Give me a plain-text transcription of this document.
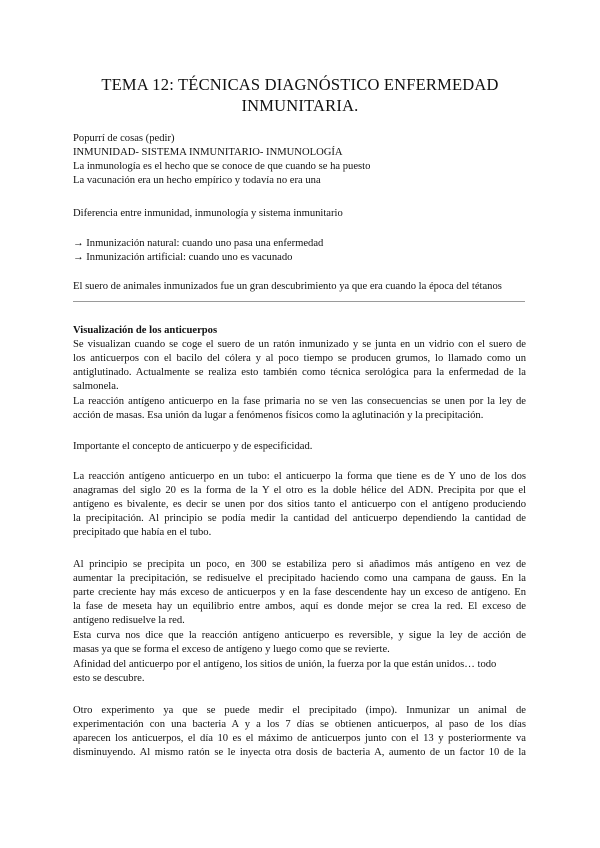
TEMA 12: TÉCNICAS DIAGNÓSTICO ENFERMEDAD
INMUNITARIA.
Popurrí de cosas (pedir)
INMUNIDAD- SISTEMA INMUNITARIO- INMUNOLOGÍA
La inmunología es el hecho que se conoce de que cuando se ha puesto
La vacunación era un hecho empírico y todavía no era una
Diferencia entre inmunidad, inmunología y sistema inmunitario
→ Inmunización natural: cuando uno pasa una enfermedad
→ Inmunización artificial: cuando uno es vacunado
El suero de animales inmunizados fue un gran descubrimiento ya que era cuando la época del tétanos
Visualización de los anticuerpos
Se visualizan cuando se coge el suero de un ratón inmunizado y se junta en un vidrio con el suero de
los anticuerpos con el bacilo del cólera y al poco tiempo se producen grumos, lo llamado como un
antiglutinado. Actualmente se realiza esto también como técnica serológica para la enfermedad de la
salmonela.
La reacción antígeno anticuerpo en la fase primaria no se ven las consecuencias se unen por la ley de
acción de masas. Esa unión da lugar a fenómenos físicos como la aglutinación y la precipitación.
Importante el concepto de anticuerpo y de especificidad.
La reacción antígeno anticuerpo en un tubo: el anticuerpo la forma que tiene es de Y uno de los dos
anagramas del siglo 20 es la forma de la Y el otro es la doble hélice del ADN. Precipita por que el
antígeno es bivalente, es decir se unen por dos sitios tanto el anticuerpo con el antígeno produciendo
la precipitación. Al principio se podía medir la cantidad del anticuerpo dependiendo la cantidad de
precipitado que había en el tubo.
Al principio se precipita un poco, en 300 se estabiliza pero si añadimos más antígeno en vez de
aumentar la precipitación, se redisuelve el precipitado haciendo como una campana de gauss. En la
parte creciente hay más exceso de anticuerpos y en la fase descendente hay un exceso de antígeno. En
la fase de meseta hay un equilibrio entre ambos, aquí es donde mejor se crea la red. El exceso de
antígeno redisuelve la red.
Esta curva nos dice que la reacción antígeno anticuerpo es reversible, y sigue la ley de acción de
masas ya que se forma el exceso de antígeno y luego como que se revierte.
Afinidad del anticuerpo por el antígeno, los sitios de unión, la fuerza por la que están unidos… todo
esto se descubre.
Otro experimento ya que se puede medir el precipitado (impo). Inmunizar un animal de
experimentación con una bacteria A y a los 7 días se obtienen anticuerpos, al paso de los días
aparecen los anticuerpos, el día 10 es el máximo de anticuerpos junto con el 13 y posteriormente va
disminuyendo. Al mismo ratón se le inyecta otra dosis de bacteria A, aumento de un factor 10 de la
